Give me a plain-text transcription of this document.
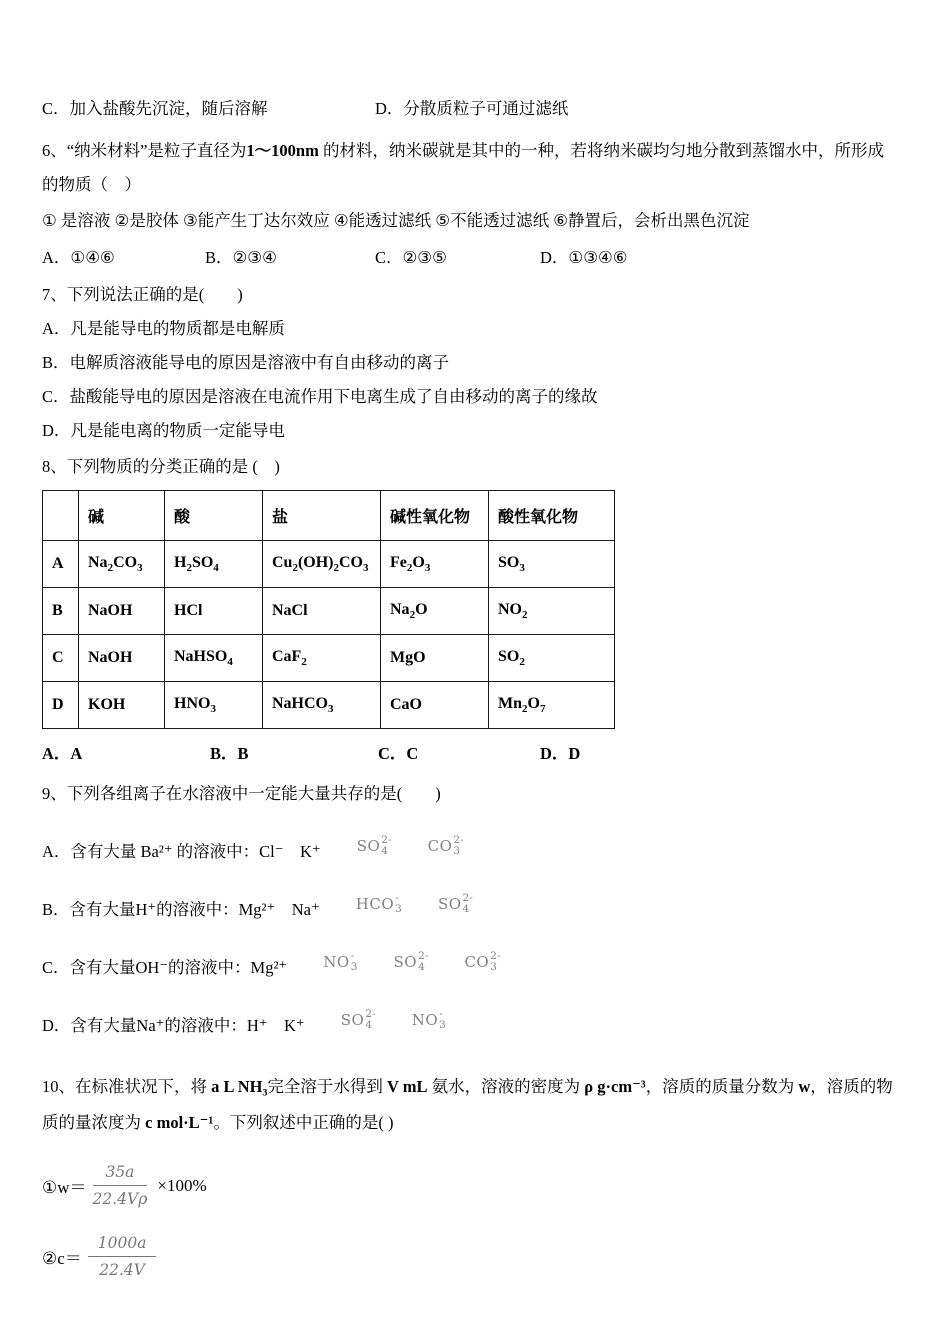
C．加入盐酸先沉淀，随后溶解	D．分散质粒子可通过滤纸

6、“纳米材料”是粒子直径为1～100nm 的材料，纳米碳就是其中的一种，若将纳米碳均匀地分散到蒸馏水中，所形成的物质（　）

① 是溶液 ②是胶体 ③能产生丁达尔效应 ④能透过滤纸 ⑤不能透过滤纸 ⑥静置后，会析出黑色沉淀

A．①④⑥	B．②③④	C．②③⑤	D．①③④⑥

7、下列说法正确的是(　　)

A．凡是能导电的物质都是电解质

B．电解质溶液能导电的原因是溶液中有自由移动的离子

C．盐酸能导电的原因是溶液在电流作用下电离生成了自由移动的离子的缘故

D．凡是能电离的物质一定能导电

8、下列物质的分类正确的是 (　)

	碱	酸	盐	碱性氧化物	酸性氧化物
A	$Na_2CO_3$	$H_2SO_4$	$Cu_2(OH)_2CO_3$	$Fe_2O_3$	$SO_3$
B	NaOH	HCl	NaCl	$Na_2O$	$NO_2$
C	NaOH	NaHSO$_4$	CaF$_2$	MgO	$SO_2$
D	KOH	$HNO_3$	NaHCO$_3$	CaO	$Mn_2O_7$
A．A	B．B	C．C	D．D

9、下列各组离子在水溶液中一定能大量共存的是(　　)

A．含有大量 Ba²⁺ 的溶液中：Cl⁻　K⁺ SO 2-
4
	CO 2-
3
B．含有大量H⁺的溶液中：Mg²⁺　Na⁺ HCO -
3
SO 2-
4
C．含有大量OH⁻的溶液中：Mg²⁺ NO -
3
SO 2-
4
	CO 2-
3
D．含有大量Na⁺的溶液中：H⁺　K⁺ SO 2-
4
	NO -
3

10、在标准状况下，将 a L NH₃完全溶于水得到 V mL 氨水，溶液的密度为 ρ g·cm⁻³，溶质的质量分数为 w，溶质的物质的量浓度为 c mol·L⁻¹。下列叙述中正确的是( )

①w＝ $\frac{35a}{22.4V\rho} \times 100\%$
②c＝ $\frac{1000a}{22.4V}$
